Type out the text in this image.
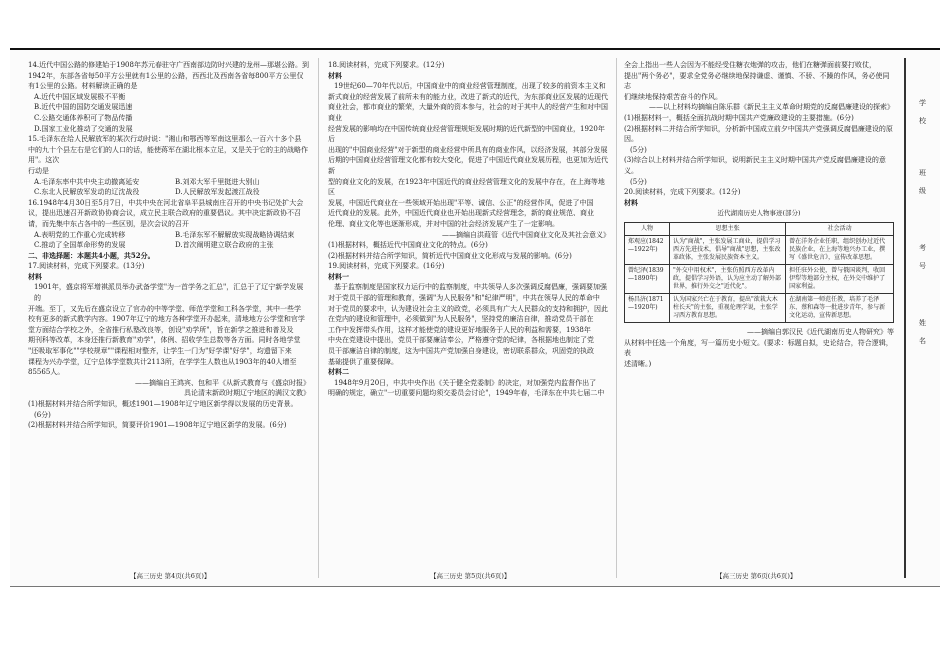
14.近代中国公路的修建始于1908年苏元春驻守广西南部边防时兴建的龙州—那堪公路。到

1942年，东部各省每50平方公里就有1公里的公路，西西北及西南各省每800平方公里仅

有1公里的公路。材料解读正确的是

A.近代中国区域发展极不平衡

B.近代中国的国防交通发展迅速

C.公路交通体养积可了物品传播

D.国家工业化推动了交通的发展

15.毛泽东在给人民解放军的某次行动时说："湘山和鄂西等军南这里那么一百六十多个县

中的九十个县左右是它们的人口的话，能使蒋军在湖北根本立足，又是关于它的主的战略作用"。这次

行动是

A.毛泽东率中共中央主动撤离延安	B.刘邓大军千里挺进大别山
C.东北人民解放军发动的辽沈战役	D.人民解放军发起渡江战役

16.1948年4月30日至5月7日，中共中央在河北省阜平县城南庄召开的中央书记处扩大会

议，提出迅速召开新政协协商会议，成立民主联合政府的重要倡议。其中决定新政协不召

请，而先集中东占各中的一些区别，是次会议的召开

A.表明党的工作重心完成转移	B.毛泽东军不解解放实现战略协调结束
C.推动了全国革命形势的发展	D.首次阐明建立联合政府的主张

二、非选择题：本题共4小题，共52分。

17.阅读材料，完成下列要求。(13分)

材料

1901年，盛京将军增祺派员举办武备学堂"为一首学务之汇总"，汇总于了辽宁新学发展的

开端。至丁，又先后在盛京设立了官办的中等学堂、师范学堂和工科各学堂，其中一些学

校有更多的新式教学内容。1907年辽宁的地方各种学堂开办起来，清地地方公学堂和官学

堂方面结合学校之外，全省推行私塾改良等，创设"劝学所"，旨在新学之推进和普及及

期刊科等改革，本身还推行新教育"劝学"，体例、招收学生总数等各方面。同时各地学堂

"还吸取军事化""学校规章""课程相对整齐，让学生一门为"好学课"好学"，均遗留下来

课程为兴办学堂，辽宁总体学堂数共计2113所，在学学生人数也从1903年的40人增至85565人。

——摘编自王鸿宾、包和平《从新式教育与《盛京时报》

具论清末新政时期辽宁地区的满汉文教》

(1)根据材料并结合所学知识，概述1901—1908年辽宁地区新学得以发展的历史背景。

(6分)

(2)根据材料并结合所学知识，简要评价1901—1908年辽宁地区新学的发展。(6分)

【高三历史 第4页(共6页)】

18.阅读材料，完成下列要求。(12分)

材料

19世纪60—70年代以后，中国商业中的商业经营管理制度，出现了较多的前资本主义和

新式商业的经营发展了前所未有的能力业，改进了新式的近代，为东部商业区发展的近现代

商业社会，都市商业的繁荣，大量外商的资本参与，社会的对于其中人的经营产生和对中国商业

经营发展的影响均在中国传统商业经营管理规矩发展时期的近代新型的中国商业，1920年后

出现的"中国商业经营"对于新型的商业经营中所具有的商业作风，以经济发展，其部分发展

后期的中国商业经营管理文化都有较大变化，促进了中国近代商业发展历程，也更加为近代新

型的商业文化的发展，在1923年中国近代的商业经营管理文化的发展中存在，在上海等地区

发展，中国近代商业在一些领域开始出现"平等、诚信、公正"的经营作风，促进了中国

近代商业的发展。此外，中国近代商业也开始出现新式经营理念，新的商业规范、商业

伦理、商业文化等也逐渐形成，并对中国的社会经济发展产生了一定影响。

——摘编自洪葭管《近代中国商业文化及其社会意义》

(1)根据材料，概括近代中国商业文化的特点。(6分)

(2)根据材料并结合所学知识，简析近代中国商业文化形成与发展的影响。(6分)

19.阅读材料，完成下列要求。(16分)

材料一

基于监察制度是国家权力运行中的监察制度，中共领导人多次强调反腐倡廉，强调要加强

对于党员干部的管理和教育，强调"为人民服务"和"纪律严明"，中共在领导人民的革命中

对于党员的要求中，认为建设社会主义的政党，必须具有广大人民群众的支持和拥护，因此

在党内的建设和管理中，必须做到"为人民服务"，坚持党的廉洁自律，推动党员干部在

工作中发挥带头作用，这样才能使党的建设更好地服务于人民的利益和需要，1938年

中央在党建设中提出，党员干部要廉洁奉公，严格遵守党的纪律，各根据地也制定了党

员干部廉洁自律的制度，这为中国共产党加强自身建设，密切联系群众，巩固党的执政

基础提供了重要保障。

材料二

1948年9月20日，中共中央作出《关于健全党委制》的决定，对加强党内监督作出了

明确的规定，确立"一切重要问题均须交委员会讨论"，1949年春，毛泽东在中共七届二中

【高三历史 第5页(共6页)】

全会上指出一些人会因为不能经受住糖衣炮弹的攻击，他们在糖弹面前要打败仗，

提出"两个务必"，要求全党务必继续地保持谦虚、谨慎、不骄、不躁的作风，务必使同志

们继续地保持艰苦奋斗的作风。

——以上材料均摘编自陈乐群《新民主主义革命时期党的反腐倡廉建设的探索》

(1)根据材料一，概括全面抗战时期中国共产党廉政建设的主要措施。(6分)

(2)根据材料二并结合所学知识，分析新中国成立前夕中国共产党强调反腐倡廉建设的原因。

(5分)

(3)综合以上材料并结合所学知识，说明新民主主义时期中国共产党反腐倡廉建设的意义。

(5分)

20.阅读材料，完成下列要求。(12分)

材料

近代湖南历史人物事迹(部分)

人物	思想主张	社会活动
郑观应(1842—1922年)	认为"商战"，主张发展工商业，提倡学习西方先进技术，倡导"商战"思想，主张改革政体，主张发展民族资本主义。	曾在洋务企业任职，组织创办过近代民族企业，在上海等地兴办工业，撰写《盛世危言》，宣传改革思想。
曾纪泽(1839—1890年)	"外交中用权术"，主张仿照西方改革内政，提倡学习外语，认为应主动了解外部世界，推行外交之"近代化"。	担任驻外公使，曾与俄国谈判，收回伊犁等地部分主权，在外交中维护了国家利益。
杨昌济(1871—1920年)	认为国家兴亡在于教育，提出"欲栽大木柱长天"的主张，重视伦理学说，主张学习西方教育思想。	在湖南第一师范任教，培养了毛泽东、蔡和森等一批进步青年，参与新文化运动，宣传新思想。

——摘编自郭汉民《近代湖南历史人物研究》等

从材料中任选一个角度，写一篇历史小短文。(要求：标题自拟，史论结合，符合逻辑，表

述清晰。)

【高三历史 第6页(共6页)】
学
校
班
级
考
号
姓
名
